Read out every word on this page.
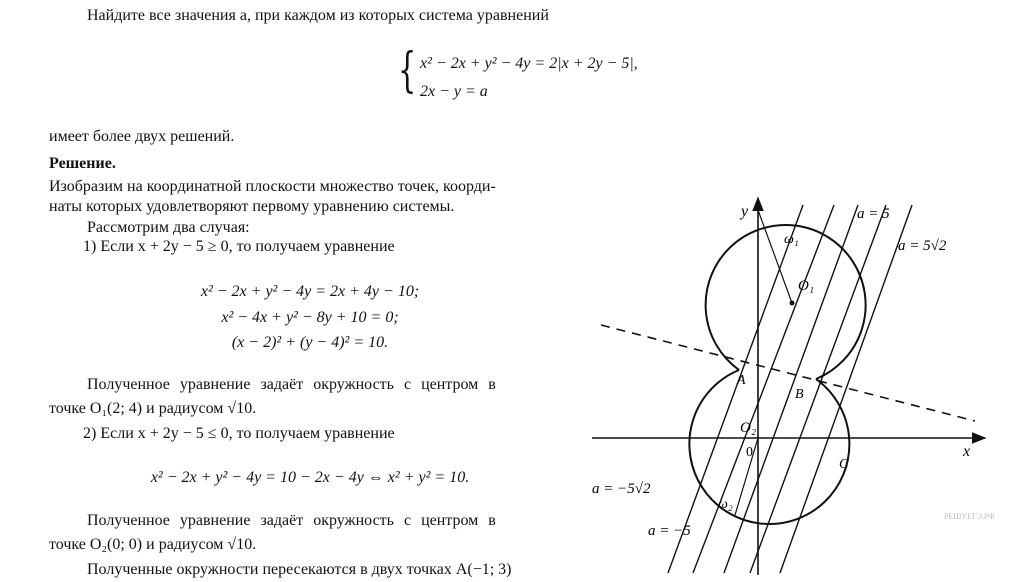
Найдите все значения a, при каждом из которых система уравнений
{ x² − 2x + y² − 4y = 2|x + 2y − 5|,
2x − y = a
имеет более двух решений.
Решение.
Изобразим на координатной плоскости множество точек, коорди-
наты которых удовлетворяют первому уравнению системы.
Рассмотрим два случая:
1) Если x + 2y − 5 ≥ 0, то получаем уравнение
x² − 2x + y² − 4y = 2x + 4y − 10;
x² − 4x + y² − 8y + 10 = 0;
(x − 2)² + (y − 4)² = 10.
Полученное уравнение задаёт окружность с центром в
точке O₁(2; 4) и радиусом √10.
2) Если x + 2y − 5 ≤ 0, то получаем уравнение
x² − 2x + y² − 4y = 10 − 2x − 4y ⇔ x² + y² = 10.
Полученное уравнение задаёт окружность с центром в
точке O₂(0; 0) и радиусом √10.
Полученные окружности пересекаются в двух точках A(−1; 3)
y
x
0
O₁
ω₁
O₂
ω₂
A
B
C
a = 5
a = 5√2
a = −5√2
a = −5
РЕШУЕГЭ.РФ
